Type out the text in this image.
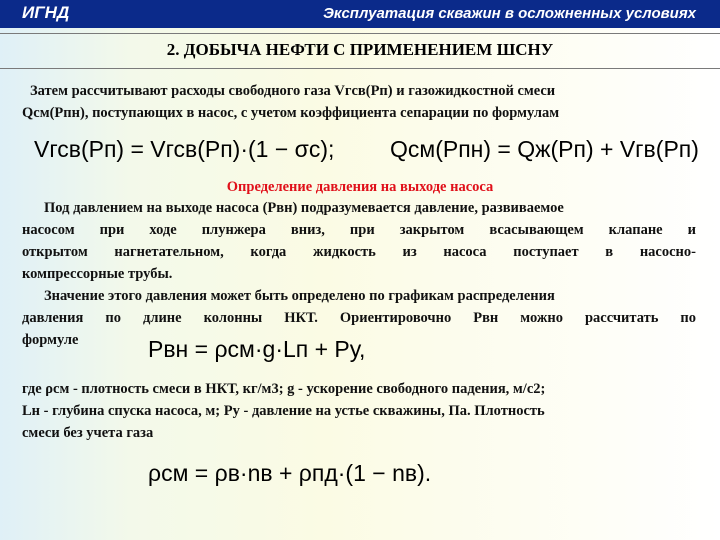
ИГНД	Эксплуатация скважин в осложненных условиях
2. ДОБЫЧА НЕФТИ С ПРИМЕНЕНИЕМ ШСНУ
Затем рассчитывают расходы свободного газа Vгсв(Рп) и газожидкостной смеси
Qсм(Рпн), поступающих в насос, с учетом коэффициента сепарации по формулам
Vгсв(Рп) = Vгсв(Рп)·(1 − σс); Qсм(Рпн) = Qж(Рп) + Vгв(Рп)
Определение давления на выходе насоса
Под давлением на выходе насоса (Рвн) подразумевается давление, развиваемое
насосом при ходе плунжера вниз, при закрытом всасывающем клапане и
открытом нагнетательном, когда жидкость из насоса поступает в насосно-
компрессорные трубы.
Значение этого давления может быть определено по графикам распределения
давления по длине колонны НКТ. Ориентировочно Рвн можно рассчитать по
формуле	Рвн = ρсм·g·Lп + Ру,
где ρсм - плотность смеси в НКТ, кг/м3; g - ускорение свободного падения, м/с2;
Lн - глубина спуска насоса, м; Ру - давление на устье скважины, Па. Плотность
смеси без учета газа
ρсм = ρв·nв + ρпд·(1 − nв).
